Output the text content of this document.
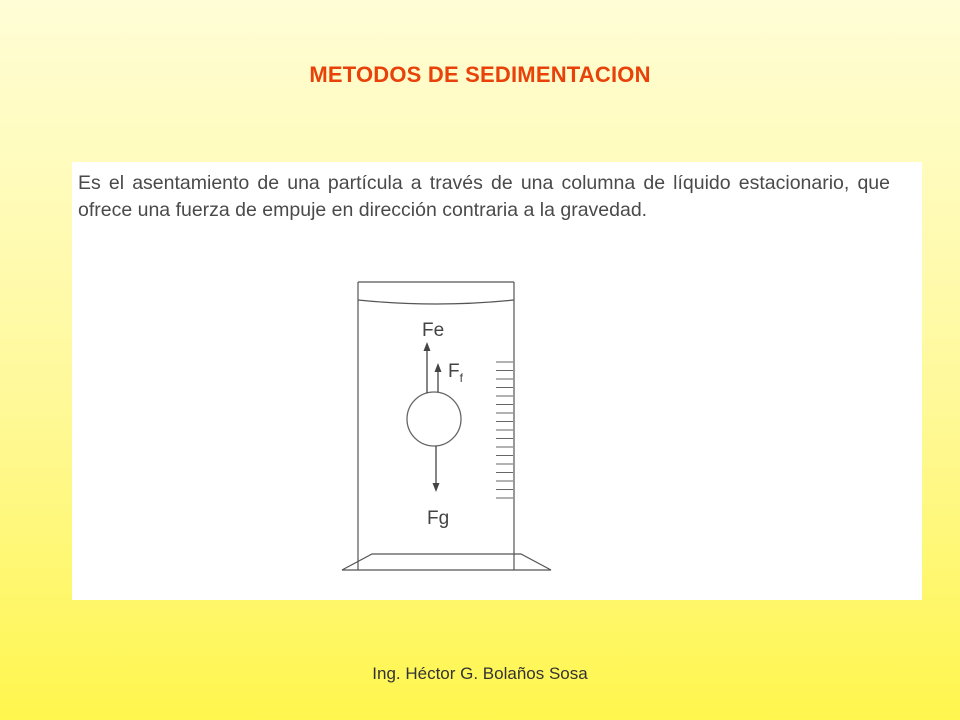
METODOS DE SEDIMENTACION
Es el asentamiento de una partícula a través de una columna de líquido estacionario, que ofrece una fuerza de empuje en dirección contraria a la gravedad.
Fe
$F_f$
Fg
Ing. Héctor G. Bolaños Sosa
